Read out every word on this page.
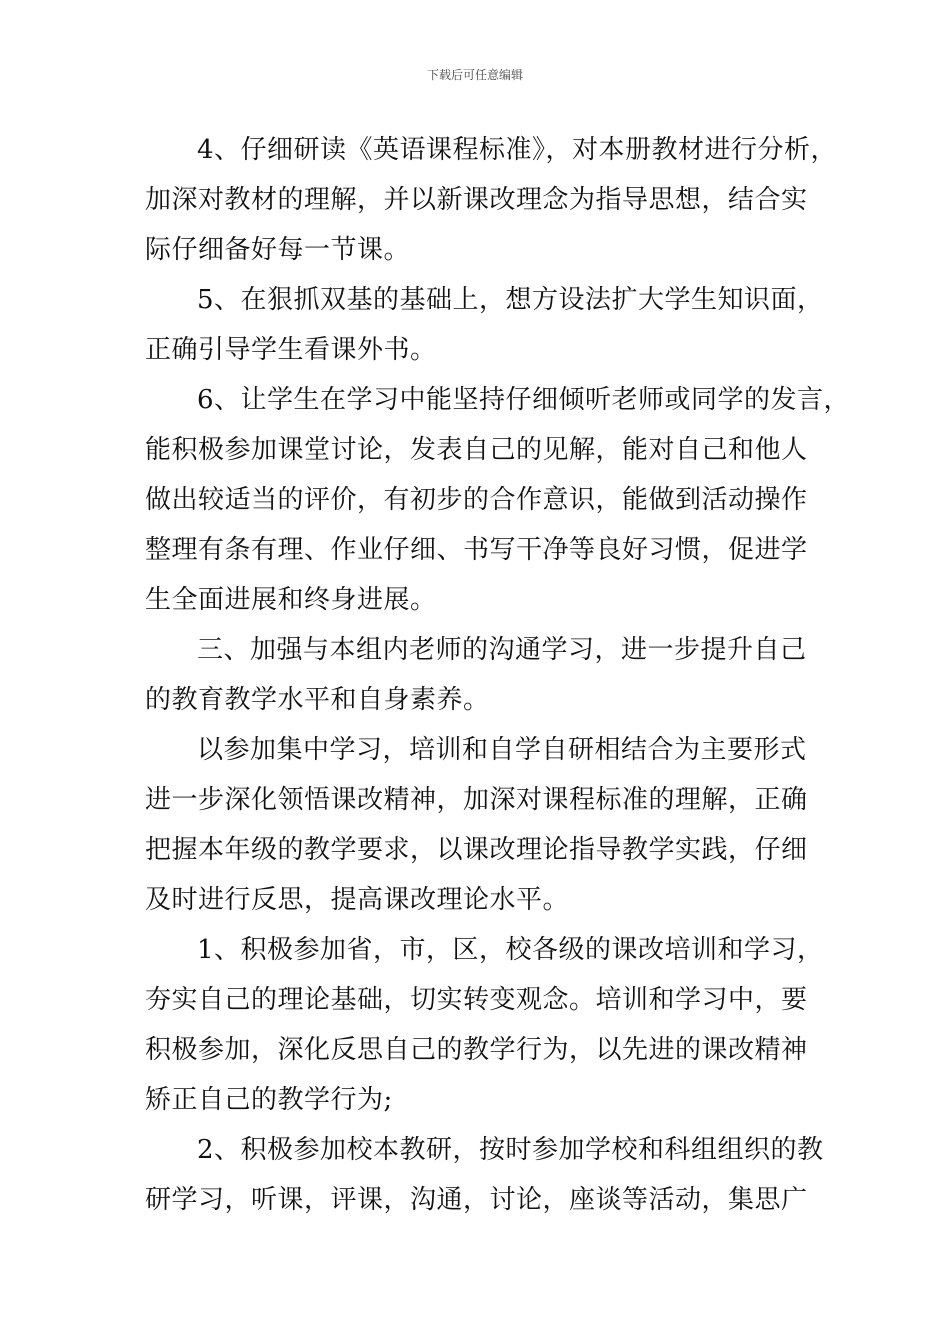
下载后可任意编辑
4、仔细研读《英语课程标准》，对本册教材进行分析，
加深对教材的理解，并以新课改理念为指导思想，结合实
际仔细备好每一节课。
5、在狠抓双基的基础上，想方设法扩大学生知识面，
正确引导学生看课外书。
6、让学生在学习中能坚持仔细倾听老师或同学的发言，
能积极参加课堂讨论，发表自己的见解，能对自己和他人
做出较适当的评价，有初步的合作意识，能做到活动操作
整理有条有理、作业仔细、书写干净等良好习惯，促进学
生全面进展和终身进展。
三、加强与本组内老师的沟通学习，进一步提升自己
的教育教学水平和自身素养。
以参加集中学习，培训和自学自研相结合为主要形式
进一步深化领悟课改精神，加深对课程标准的理解，正确
把握本年级的教学要求，以课改理论指导教学实践，仔细
及时进行反思，提高课改理论水平。
1、积极参加省，市，区，校各级的课改培训和学习，
夯实自己的理论基础，切实转变观念。培训和学习中，要
积极参加，深化反思自己的教学行为，以先进的课改精神
矫正自己的教学行为;
2、积极参加校本教研，按时参加学校和科组组织的教
研学习，听课，评课，沟通，讨论，座谈等活动，集思广
